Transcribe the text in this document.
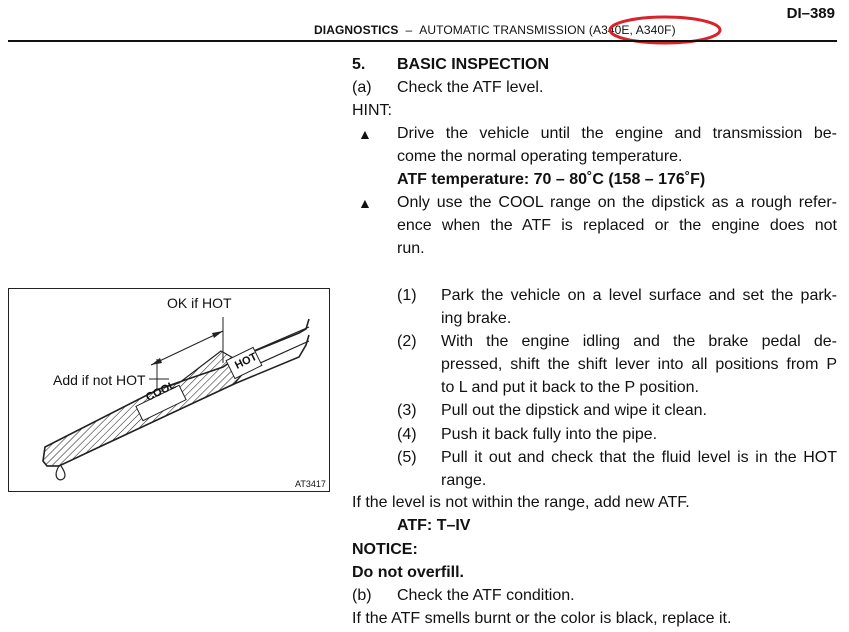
DI–389
DIAGNOSTICS – AUTOMATIC TRANSMISSION (A340E, A340F)
5. BASIC INSPECTION
(a) Check the ATF level.
HINT:
▲ Drive the vehicle until the engine and transmission be-
come the normal operating temperature.
ATF temperature: 70 – 80˚C (158 – 176˚F)
▲ Only use the COOL range on the dipstick as a rough refer-
ence when the ATF is replaced or the engine does not
run.
(1) Park the vehicle on a level surface and set the park-
ing brake.
(2) With the engine idling and the brake pedal de-
pressed, shift the shift lever into all positions from P
to L and put it back to the P position.
(3) Pull out the dipstick and wipe it clean.
(4) Push it back fully into the pipe.
(5) Pull it out and check that the fluid level is in the HOT
range.
If the level is not within the range, add new ATF.
ATF: T–IV
NOTICE:
Do not overfill.
(b) Check the ATF condition.
If the ATF smells burnt or the color is black, replace it.
OK if HOT
Add if not HOT
COOL
HOT
AT3417
